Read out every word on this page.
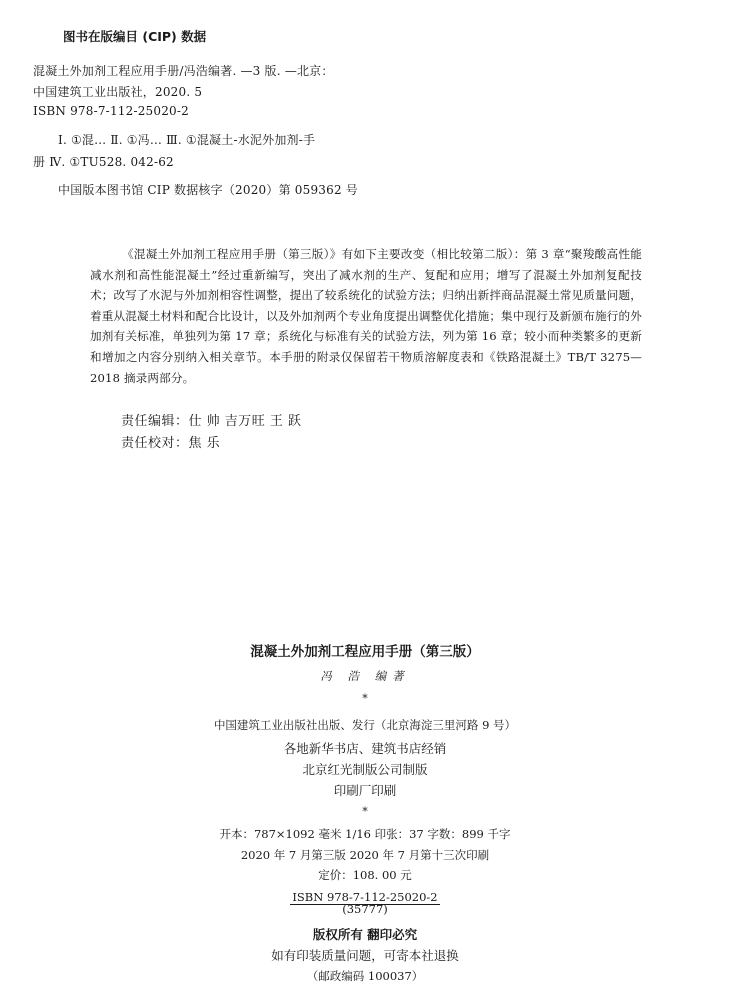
图书在版编目 (CIP) 数据
混凝土外加剂工程应用手册/冯浩编著. —3 版. —北京：
中国建筑工业出版社，2020. 5
ISBN 978-7-112-25020-2
Ⅰ. ①混… Ⅱ. ①冯… Ⅲ. ①混凝土-水泥外加剂-手
册 Ⅳ. ①TU528. 042-62
中国版本图书馆 CIP 数据核字（2020）第 059362 号
《混凝土外加剂工程应用手册（第三版）》有如下主要改变（相比较第二版）：第 3 章“聚羧酸高性能减水剂和高性能混凝土”经过重新编写，突出了减水剂的生产、复配和应用；增写了混凝土外加剂复配技术；改写了水泥与外加剂相容性调整，提出了较系统化的试验方法；归纳出新拌商品混凝土常见质量问题，着重从混凝土材料和配合比设计，以及外加剂两个专业角度提出调整优化措施；集中现行及新颁布施行的外加剂有关标准，单独列为第 17 章；系统化与标准有关的试验方法，列为第 16 章；较小而种类繁多的更新和增加之内容分别纳入相关章节。本手册的附录仅保留若干物质溶解度表和《铁路混凝土》TB/T 3275—2018 摘录两部分。
责任编辑：仕 帅 吉万旺 王 跃
责任校对：焦 乐
混凝土外加剂工程应用手册（第三版）
冯 浩 编著
*
中国建筑工业出版社出版、发行（北京海淀三里河路 9 号）
各地新华书店、建筑书店经销
北京红光制版公司制版
印刷厂印刷
*
开本：787×1092 毫米 1/16 印张：37 字数：899 千字
2020 年 7 月第三版 2020 年 7 月第十三次印刷
定价：108. 00 元
ISBN 978-7-112-25020-2
(35777)
版权所有 翻印必究
如有印装质量问题，可寄本社退换
（邮政编码 100037）
